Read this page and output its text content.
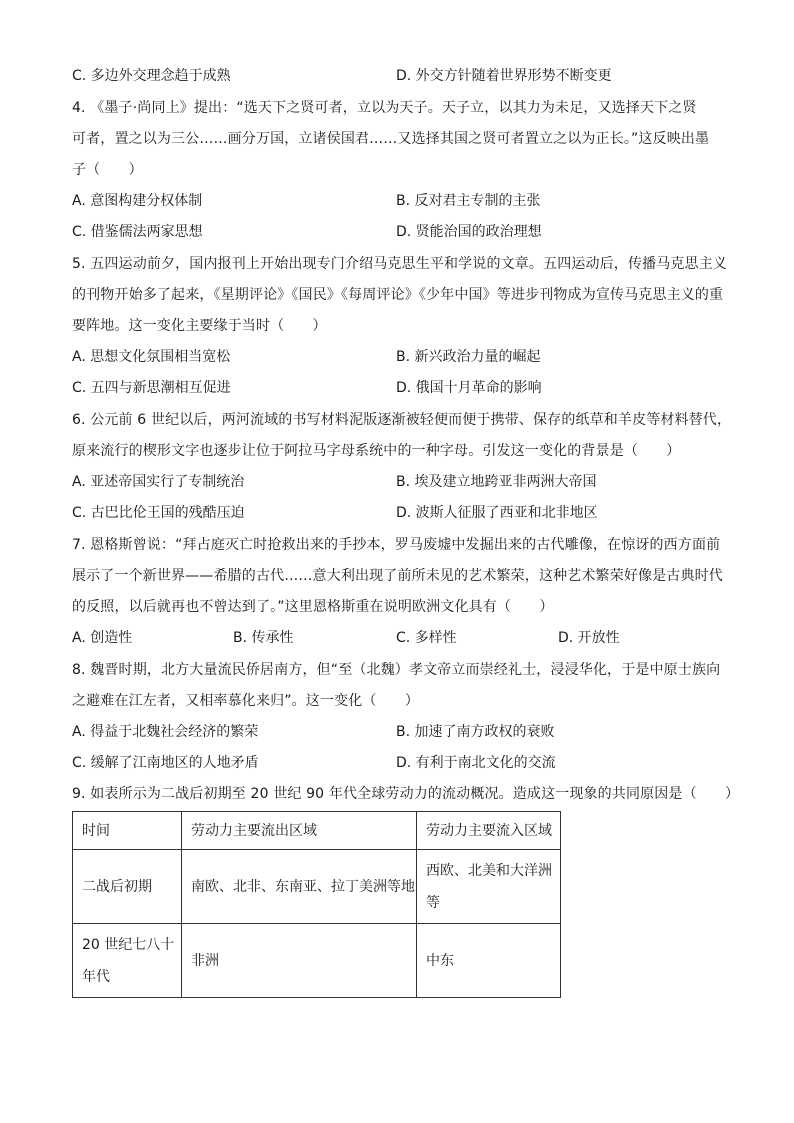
C. 多边外交理念趋于成熟	D. 外交方针随着世界形势不断变更
4. 《墨子·尚同上》提出：“选天下之贤可者，立以为天子。天子立，以其力为未足，又选择天下之贤
可者，置之以为三公……画分万国，立诸侯国君……又选择其国之贤可者置立之以为正长。”这反映出墨
子（　　）
A. 意图构建分权体制	B. 反对君主专制的主张
C. 借鉴儒法两家思想	D. 贤能治国的政治理想
5. 五四运动前夕，国内报刊上开始出现专门介绍马克思生平和学说的文章。五四运动后，传播马克思主义
的刊物开始多了起来，《星期评论》《国民》《每周评论》《少年中国》等进步刊物成为宣传马克思主义的重
要阵地。这一变化主要缘于当时（　　）
A. 思想文化氛围相当宽松	B. 新兴政治力量的崛起
C. 五四与新思潮相互促进	D. 俄国十月革命的影响
6. 公元前 6 世纪以后，两河流域的书写材料泥版逐渐被轻便而便于携带、保存的纸草和羊皮等材料替代，
原来流行的楔形文字也逐步让位于阿拉马字母系统中的一种字母。引发这一变化的背景是（　　）
A. 亚述帝国实行了专制统治	B. 埃及建立地跨亚非两洲大帝国
C. 古巴比伦王国的残酷压迫	D. 波斯人征服了西亚和北非地区
7. 恩格斯曾说：“拜占庭灭亡时抢救出来的手抄本，罗马废墟中发掘出来的古代雕像，在惊讶的西方面前
展示了一个新世界——希腊的古代……意大利出现了前所未见的艺术繁荣，这种艺术繁荣好像是古典时代
的反照，以后就再也不曾达到了。”这里恩格斯重在说明欧洲文化具有（　　）
A. 创造性	B. 传承性	C. 多样性	D. 开放性
8. 魏晋时期，北方大量流民侨居南方，但“至（北魏）孝文帝立而崇经礼士，浸浸华化，于是中原士族向
之避难在江左者，又相率慕化来归”。这一变化（　　）
A. 得益于北魏社会经济的繁荣	B. 加速了南方政权的衰败
C. 缓解了江南地区的人地矛盾	D. 有利于南北文化的交流
9. 如表所示为二战后初期至 20 世纪 90 年代全球劳动力的流动概况。造成这一现象的共同原因是（　　）
时间	劳动力主要流出区域	劳动力主要流入区域
二战后初期	南欧、北非、东南亚、拉丁美洲等地	西欧、北美和大洋洲等
20 世纪七八十年代	非洲	中东
